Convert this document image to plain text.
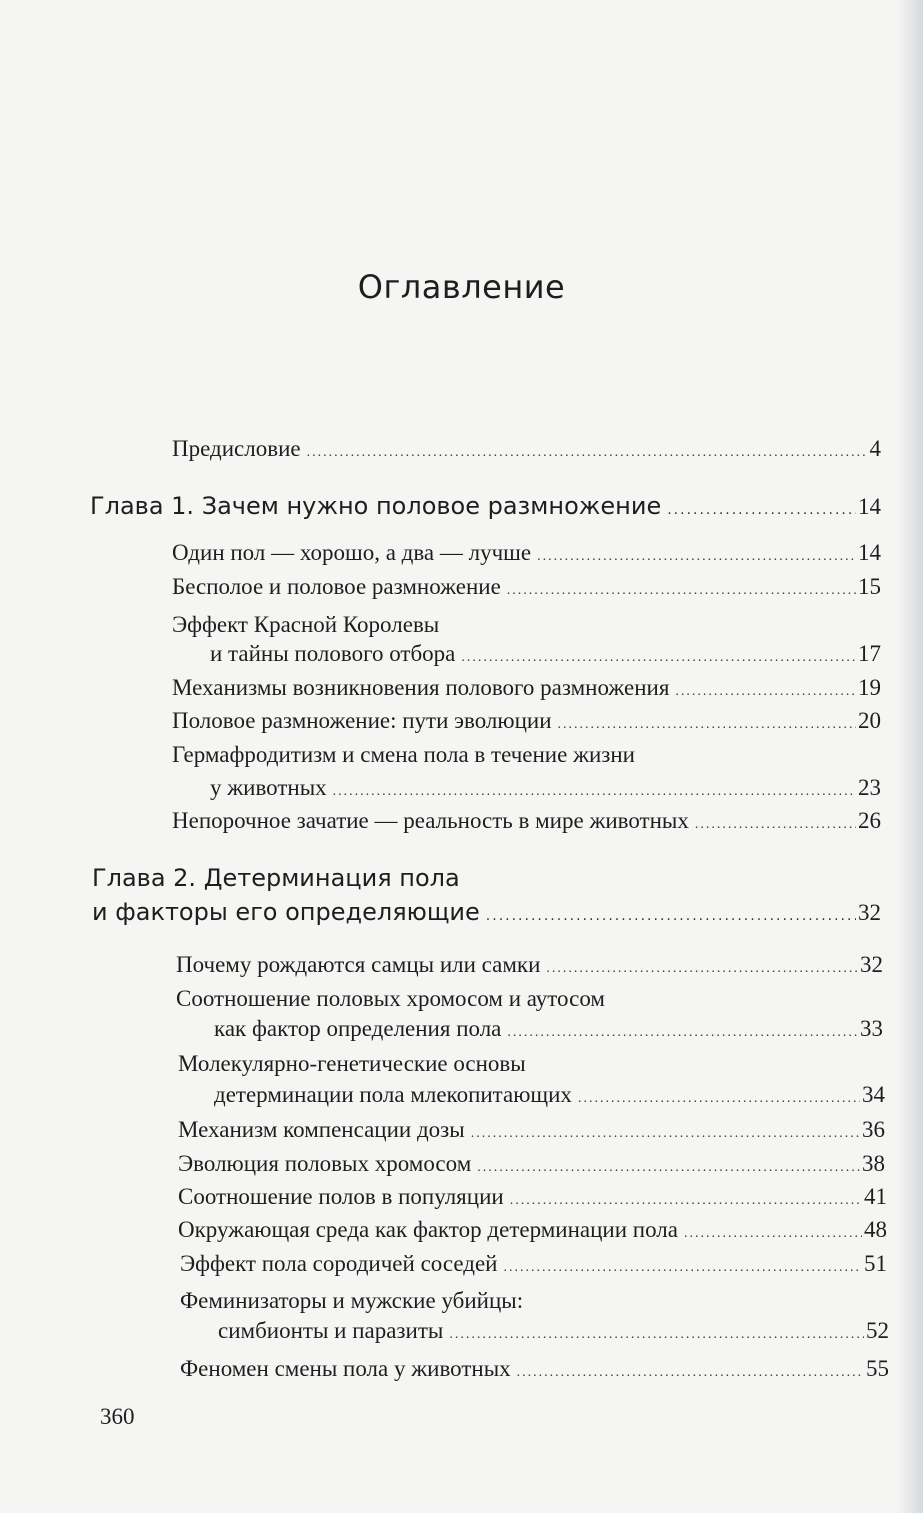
Оглавление
Предисловие .....	4
Глава 1. Зачем нужно половое размножение .....	14
Один пол — хорошо, а два — лучше .....	14
Бесполое и половое размножение .....	15
Эффект Красной Королевы
и тайны полового отбора .....	17
Механизмы возникновения полового размножения .....	19
Половое размножение: пути эволюции .....	20
Гермафродитизм и смена пола в течение жизни
у животных .....	23
Непорочное зачатие — реальность в мире животных .....	26
Глава 2. Детерминация пола
и факторы его определяющие .....	32
Почему рождаются самцы или самки .....	32
Соотношение половых хромосом и аутосом
как фактор определения пола .....	33
Молекулярно-генетические основы
детерминации пола млекопитающих .....	34
Механизм компенсации дозы .....	36
Эволюция половых хромосом .....	38
Соотношение полов в популяции .....	41
Окружающая среда как фактор детерминации пола .....	48
Эффект пола сородичей соседей .....	51
Феминизаторы и мужские убийцы:
симбионты и паразиты .....	52
Феномен смены пола у животных .....	55
360
